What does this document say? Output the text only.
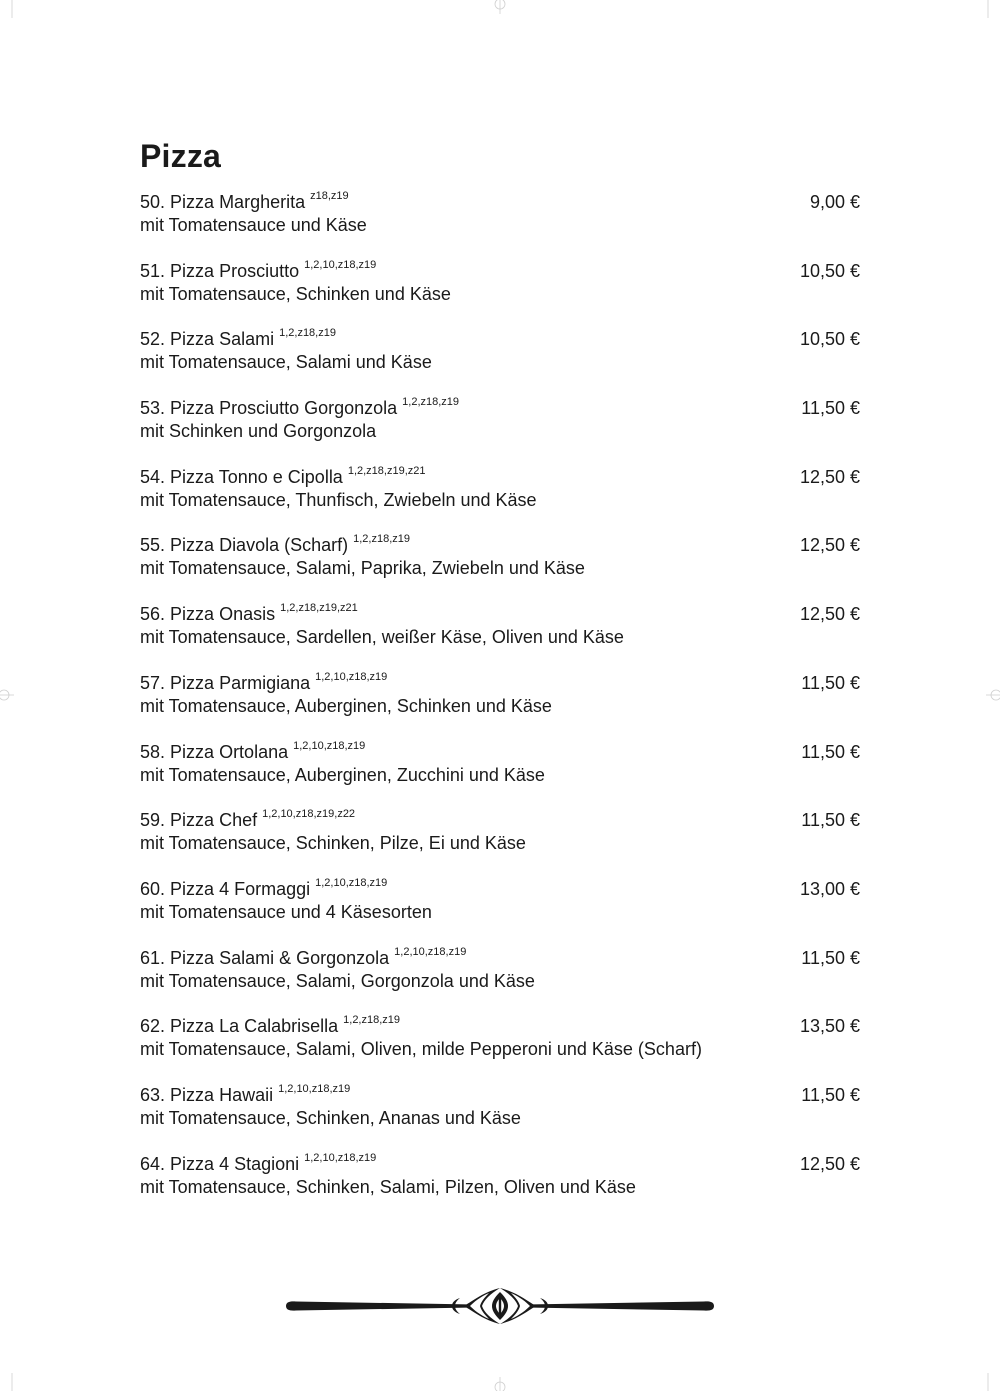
Pizza
50. Pizza Margherita z18,z19	9,00 €
mit Tomatensauce und Käse
51. Pizza Prosciutto 1,2,10,z18,z19	10,50 €
mit Tomatensauce, Schinken und Käse
52. Pizza Salami 1,2,z18,z19	10,50 €
mit Tomatensauce, Salami und Käse
53. Pizza Prosciutto Gorgonzola 1,2,z18,z19	11,50 €
mit Schinken und Gorgonzola
54. Pizza Tonno e Cipolla 1,2,z18,z19,z21	12,50 €
mit Tomatensauce, Thunfisch, Zwiebeln und Käse
55. Pizza Diavola (Scharf) 1,2,z18,z19	12,50 €
mit Tomatensauce, Salami, Paprika, Zwiebeln und Käse
56. Pizza Onasis 1,2,z18,z19,z21	12,50 €
mit Tomatensauce, Sardellen, weißer Käse, Oliven und Käse
57. Pizza Parmigiana 1,2,10,z18,z19	11,50 €
mit Tomatensauce, Auberginen, Schinken und Käse
58. Pizza Ortolana 1,2,10,z18,z19	11,50 €
mit Tomatensauce, Auberginen, Zucchini und Käse
59. Pizza Chef 1,2,10,z18,z19,z22	11,50 €
mit Tomatensauce, Schinken, Pilze, Ei und Käse
60. Pizza 4 Formaggi 1,2,10,z18,z19	13,00 €
mit Tomatensauce und 4 Käsesorten
61. Pizza Salami & Gorgonzola 1,2,10,z18,z19	11,50 €
mit Tomatensauce, Salami, Gorgonzola und Käse
62. Pizza La Calabrisella 1,2,z18,z19	13,50 €
mit Tomatensauce, Salami, Oliven, milde Pepperoni und Käse (Scharf)
63. Pizza Hawaii 1,2,10,z18,z19	11,50 €
mit Tomatensauce, Schinken, Ananas und Käse
64. Pizza 4 Stagioni 1,2,10,z18,z19	12,50 €
mit Tomatensauce, Schinken, Salami, Pilzen, Oliven und Käse
